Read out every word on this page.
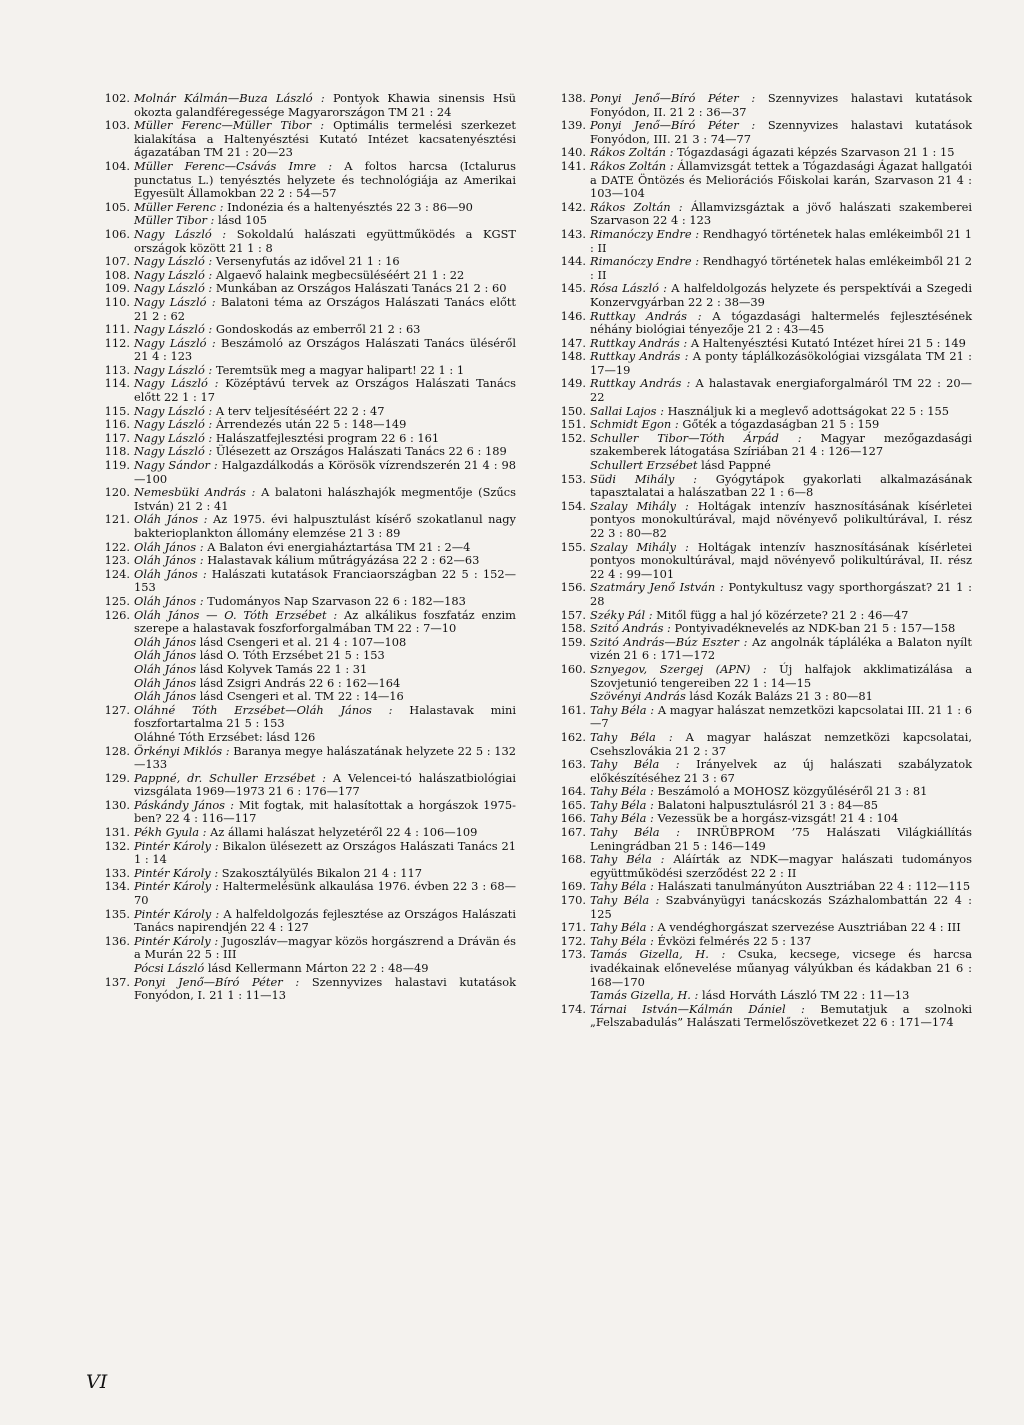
102. Molnár Kálmán—Buza László : Pontyok Khawia sinensis Hsü okozta galandféregessége Magyarországon TM 21 : 24

103. Müller Ferenc—Müller Tibor : Optimális termelési szerkezet kialakítása a Haltenyésztési Kutató Intézet kacsatenyésztési ágazatában TM 21 : 20—23

104. Müller Ferenc—Csávás Imre : A foltos harcsa (Ictalurus punctatus L.) tenyésztés helyzete és technológiája az Amerikai Egyesült Államokban 22 2 : 54—57

105. Müller Ferenc : Indonézia és a haltenyésztés 22 3 : 86—90

Müller Tibor : lásd 105

106. Nagy László : Sokoldalú halászati együttműködés a KGST országok között 21 1 : 8

107. Nagy László : Versenyfutás az idővel 21 1 : 16

108. Nagy László : Algaevő halaink megbecsüléséért 21 1 : 22

109. Nagy László : Munkában az Országos Halászati Tanács 21 2 : 60

110. Nagy László : Balatoni téma az Országos Halászati Tanács előtt 21 2 : 62

111. Nagy László : Gondoskodás az emberről 21 2 : 63

112. Nagy László : Beszámoló az Országos Halászati Tanács üléséről 21 4 : 123

113. Nagy László : Teremtsük meg a magyar halipart! 22 1 : 1

114. Nagy László : Középtávú tervek az Országos Halászati Tanács előtt 22 1 : 17

115. Nagy László : A terv teljesítéséért 22 2 : 47

116. Nagy László : Árrendezés után 22 5 : 148—149

117. Nagy László : Halászatfejlesztési program 22 6 : 161

118. Nagy László : Ülésezett az Országos Halászati Tanács 22 6 : 189

119. Nagy Sándor : Halgazdálkodás a Körösök vízrendszerén 21 4 : 98—100

120. Nemesbüki András : A balatoni halászhajók megmentője (Szűcs István) 21 2 : 41

121. Oláh János : Az 1975. évi halpusztulást kísérő szokatlanul nagy bakterioplankton állomány elemzése 21 3 : 89

122. Oláh János : A Balaton évi energiaháztartása TM 21 : 2—4

123. Oláh János : Halastavak kálium műtrágyázása 22 2 : 62—63

124. Oláh János : Halászati kutatások Franciaországban 22 5 : 152—153

125. Oláh János : Tudományos Nap Szarvason 22 6 : 182—183

126. Oláh János — O. Tóth Erzsébet : Az alkálikus foszfatáz enzim szerepe a halastavak foszforforgalmában TM 22 : 7—10

Oláh János lásd Csengeri et al. 21 4 : 107—108

Oláh János lásd O. Tóth Erzsébet 21 5 : 153

Oláh János lásd Kolyvek Tamás 22 1 : 31

Oláh János lásd Zsigri András 22 6 : 162—164

Oláh János lásd Csengeri et al. TM 22 : 14—16

127. Oláhné Tóth Erzsébet—Oláh János : Halastavak mini foszfortartalma 21 5 : 153

Oláhné Tóth Erzsébet: lásd 126

128. Örkényi Miklós : Baranya megye halászatának helyzete 22 5 : 132—133

129. Pappné, dr. Schuller Erzsébet : A Velencei-tó halászatbiológiai vizsgálata 1969—1973 21 6 : 176—177

130. Páskándy János : Mit fogtak, mit halasítottak a horgászok 1975-ben? 22 4 : 116—117

131. Pékh Gyula : Az állami halászat helyzetéről 22 4 : 106—109

132. Pintér Károly : Bikalon ülésezett az Országos Halászati Tanács 21 1 : 14

133. Pintér Károly : Szakosztályülés Bikalon 21 4 : 117

134. Pintér Károly : Haltermelésünk alkaulása 1976. évben 22 3 : 68—70

135. Pintér Károly : A halfeldolgozás fejlesztése az Országos Halászati Tanács napirendjén 22 4 : 127

136. Pintér Károly : Jugoszláv—magyar közös horgászrend a Drávän és a Murán 22 5 : III

Pócsi László lásd Kellermann Márton 22 2 : 48—49

137. Ponyi Jenő—Bíró Péter : Szennyvizes halastavi kutatások Fonyódon, I. 21 1 : 11—13

138. Ponyi Jenő—Bíró Péter : Szennyvizes halastavi kutatások Fonyódon, II. 21 2 : 36—37

139. Ponyi Jenő—Bíró Péter : Szennyvizes halastavi kutatások Fonyódon, III. 21 3 : 74—77

140. Rákos Zoltán : Tógazdasági ágazati képzés Szarvason 21 1 : 15

141. Rákos Zoltán : Államvizsgát tettek a Tógazdasági Ágazat hallgatói a DATE Öntözés és Meliorációs Főiskolai karán, Szarvason 21 4 : 103—104

142. Rákos Zoltán : Államvizsgáztak a jövő halászati szakemberei Szarvason 22 4 : 123

143. Rimanóczy Endre : Rendhagyó történetek halas emlékeimből 21 1 : II

144. Rimanóczy Endre : Rendhagyó történetek halas emlékeimből 21 2 : II

145. Rósa László : A halfeldolgozás helyzete és perspektívái a Szegedi Konzervgyárban 22 2 : 38—39

146. Ruttkay András : A tógazdasági haltermelés fejlesztésének néhány biológiai tényezője 21 2 : 43—45

147. Ruttkay András : A Haltenyésztési Kutató Intézet hírei 21 5 : 149

148. Ruttkay András : A ponty táplálkozásökológiai vizsgálata TM 21 : 17—19

149. Ruttkay András : A halastavak energiaforgalmáról TM 22 : 20—22

150. Sallai Lajos : Használjuk ki a meglevő adottságokat 22 5 : 155

151. Schmidt Egon : Gőték a tógazdaságban 21 5 : 159

152. Schuller Tibor—Tóth Árpád : Magyar mezőgazdasági szakemberek látogatása Szíriában 21 4 : 126—127

Schullert Erzsébet lásd Pappné

153. Südi Mihály : Gyógytápok gyakorlati alkalmazásának tapasztalatai a halászatban 22 1 : 6—8

154. Szalay Mihály : Holtágak intenzív hasznosításának kísérletei pontyos monokultúrával, majd növényevő polikultúrával, I. rész 22 3 : 80—82

155. Szalay Mihály : Holtágak intenzív hasznosításának kísérletei pontyos monokultúrával, majd növényevő polikultúrával, II. rész 22 4 : 99—101

156. Szatmáry Jenő István : Pontykultusz vagy sporthorgászat? 21 1 : 28

157. Széky Pál : Mitől függ a hal jó közérzete? 21 2 : 46—47

158. Szitó András : Pontyivadéknevelés az NDK-ban 21 5 : 157—158

159. Szitó András—Búz Eszter : Az angolnák táplálékа a Balaton nyílt vizén 21 6 : 171—172

160. Sznyegov, Szergej (APN) : Új halfajok akklimatizálása a Szovjetunió tengereiben 22 1 : 14—15

Szövényi András lásd Kozák Balázs 21 3 : 80—81

161. Tahy Béla : A magyar halászat nemzetközi kapcsolatai III. 21 1 : 6—7

162. Tahy Béla : A magyar halászat nemzetközi kapcsolatai, Csehszlovákia 21 2 : 37

163. Tahy Béla : Irányelvek az új halászati szabályzatok előkészítéséhez 21 3 : 67

164. Tahy Béla : Beszámoló a MOHOSZ közgyűléséről 21 3 : 81

165. Tahy Béla : Balatoni halpusztulásról 21 3 : 84—85

166. Tahy Béla : Vezessük be a horgász-vizsgát! 21 4 : 104

167. Tahy Béla : INRÜBPROM ’75 Halászati Világkiállítás Leningrádban 21 5 : 146—149

168. Tahy Béla : Aláírták az NDK—magyar halászati tudományos együttműködési szerződést 22 2 : II

169. Tahy Béla : Halászati tanulmányúton Ausztriában 22 4 : 112—115

170. Tahy Béla : Szabványügyi tanácskozás Százhalombattán 22 4 : 125

171. Tahy Béla : A vendéghorgászat szervezése Ausztriában 22 4 : III

172. Tahy Béla : Évközi felmérés 22 5 : 137

173. Tamás Gizella, H. : Csuka, kecsege, vicsege és harcsa ivadékainak előnevelése műanyag vályúkban és kádakban 21 6 : 168—170

Tamás Gizella, H. : lásd Horváth László TM 22 : 11—13

174. Tárnai István—Kálmán Dániel : Bemutatjuk a szolnoki „Felszabadulás” Halászati Termelőszövetkezet 22 6 : 171—174

VI
